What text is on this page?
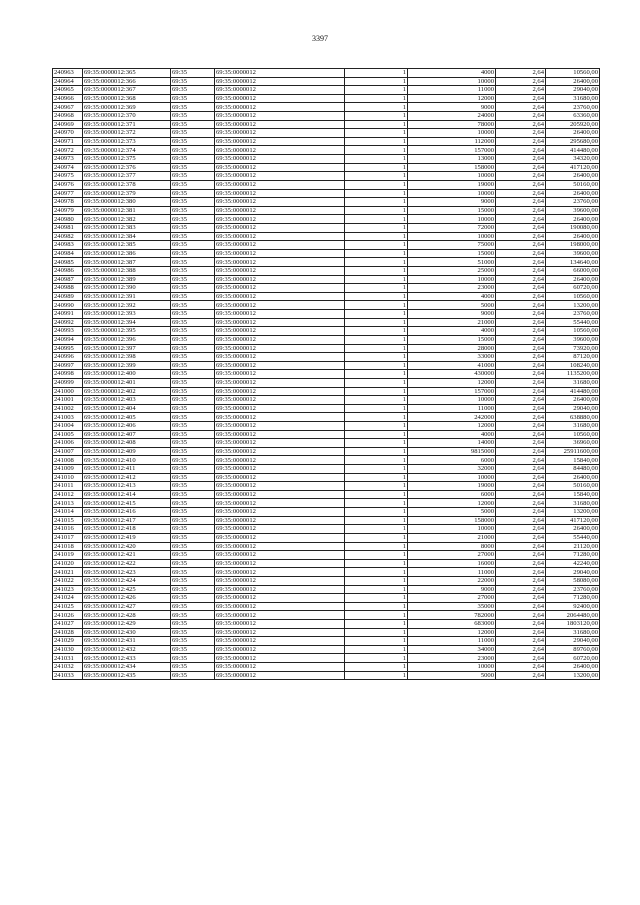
3397
240963	69:35:0000012:365	69:35	69:35:0000012	1	4000	2,64	10560,00
240964	69:35:0000012:366	69:35	69:35:0000012	1	10000	2,64	26400,00
240965	69:35:0000012:367	69:35	69:35:0000012	1	11000	2,64	29040,00
240966	69:35:0000012:368	69:35	69:35:0000012	1	12000	2,64	31680,00
240967	69:35:0000012:369	69:35	69:35:0000012	1	9000	2,64	23760,00
240968	69:35:0000012:370	69:35	69:35:0000012	1	24000	2,64	63360,00
240969	69:35:0000012:371	69:35	69:35:0000012	1	78000	2,64	205920,00
240970	69:35:0000012:372	69:35	69:35:0000012	1	10000	2,64	26400,00
240971	69:35:0000012:373	69:35	69:35:0000012	1	112000	2,64	295680,00
240972	69:35:0000012:374	69:35	69:35:0000012	1	157000	2,64	414480,00
240973	69:35:0000012:375	69:35	69:35:0000012	1	13000	2,64	34320,00
240974	69:35:0000012:376	69:35	69:35:0000012	1	158000	2,64	417120,00
240975	69:35:0000012:377	69:35	69:35:0000012	1	10000	2,64	26400,00
240976	69:35:0000012:378	69:35	69:35:0000012	1	19000	2,64	50160,00
240977	69:35:0000012:379	69:35	69:35:0000012	1	10000	2,64	26400,00
240978	69:35:0000012:380	69:35	69:35:0000012	1	9000	2,64	23760,00
240979	69:35:0000012:381	69:35	69:35:0000012	1	15000	2,64	39600,00
240980	69:35:0000012:382	69:35	69:35:0000012	1	10000	2,64	26400,00
240981	69:35:0000012:383	69:35	69:35:0000012	1	72000	2,64	190080,00
240982	69:35:0000012:384	69:35	69:35:0000012	1	10000	2,64	26400,00
240983	69:35:0000012:385	69:35	69:35:0000012	1	75000	2,64	198000,00
240984	69:35:0000012:386	69:35	69:35:0000012	1	15000	2,64	39600,00
240985	69:35:0000012:387	69:35	69:35:0000012	1	51000	2,64	134640,00
240986	69:35:0000012:388	69:35	69:35:0000012	1	25000	2,64	66000,00
240987	69:35:0000012:389	69:35	69:35:0000012	1	10000	2,64	26400,00
240988	69:35:0000012:390	69:35	69:35:0000012	1	23000	2,64	60720,00
240989	69:35:0000012:391	69:35	69:35:0000012	1	4000	2,64	10560,00
240990	69:35:0000012:392	69:35	69:35:0000012	1	5000	2,64	13200,00
240991	69:35:0000012:393	69:35	69:35:0000012	1	9000	2,64	23760,00
240992	69:35:0000012:394	69:35	69:35:0000012	1	21000	2,64	55440,00
240993	69:35:0000012:395	69:35	69:35:0000012	1	4000	2,64	10560,00
240994	69:35:0000012:396	69:35	69:35:0000012	1	15000	2,64	39600,00
240995	69:35:0000012:397	69:35	69:35:0000012	1	28000	2,64	73920,00
240996	69:35:0000012:398	69:35	69:35:0000012	1	33000	2,64	87120,00
240997	69:35:0000012:399	69:35	69:35:0000012	1	41000	2,64	108240,00
240998	69:35:0000012:400	69:35	69:35:0000012	1	430000	2,64	1135200,00
240999	69:35:0000012:401	69:35	69:35:0000012	1	12000	2,64	31680,00
241000	69:35:0000012:402	69:35	69:35:0000012	1	157000	2,64	414480,00
241001	69:35:0000012:403	69:35	69:35:0000012	1	10000	2,64	26400,00
241002	69:35:0000012:404	69:35	69:35:0000012	1	11000	2,64	29040,00
241003	69:35:0000012:405	69:35	69:35:0000012	1	242000	2,64	638880,00
241004	69:35:0000012:406	69:35	69:35:0000012	1	12000	2,64	31680,00
241005	69:35:0000012:407	69:35	69:35:0000012	1	4000	2,64	10560,00
241006	69:35:0000012:408	69:35	69:35:0000012	1	14000	2,64	36960,00
241007	69:35:0000012:409	69:35	69:35:0000012	1	9815000	2,64	25911600,00
241008	69:35:0000012:410	69:35	69:35:0000012	1	6000	2,64	15840,00
241009	69:35:0000012:411	69:35	69:35:0000012	1	32000	2,64	84480,00
241010	69:35:0000012:412	69:35	69:35:0000012	1	10000	2,64	26400,00
241011	69:35:0000012:413	69:35	69:35:0000012	1	19000	2,64	50160,00
241012	69:35:0000012:414	69:35	69:35:0000012	1	6000	2,64	15840,00
241013	69:35:0000012:415	69:35	69:35:0000012	1	12000	2,64	31680,00
241014	69:35:0000012:416	69:35	69:35:0000012	1	5000	2,64	13200,00
241015	69:35:0000012:417	69:35	69:35:0000012	1	158000	2,64	417120,00
241016	69:35:0000012:418	69:35	69:35:0000012	1	10000	2,64	26400,00
241017	69:35:0000012:419	69:35	69:35:0000012	1	21000	2,64	55440,00
241018	69:35:0000012:420	69:35	69:35:0000012	1	8000	2,64	21120,00
241019	69:35:0000012:421	69:35	69:35:0000012	1	27000	2,64	71280,00
241020	69:35:0000012:422	69:35	69:35:0000012	1	16000	2,64	42240,00
241021	69:35:0000012:423	69:35	69:35:0000012	1	11000	2,64	29040,00
241022	69:35:0000012:424	69:35	69:35:0000012	1	22000	2,64	58080,00
241023	69:35:0000012:425	69:35	69:35:0000012	1	9000	2,64	23760,00
241024	69:35:0000012:426	69:35	69:35:0000012	1	27000	2,64	71280,00
241025	69:35:0000012:427	69:35	69:35:0000012	1	35000	2,64	92400,00
241026	69:35:0000012:428	69:35	69:35:0000012	1	782000	2,64	2064480,00
241027	69:35:0000012:429	69:35	69:35:0000012	1	683000	2,64	1803120,00
241028	69:35:0000012:430	69:35	69:35:0000012	1	12000	2,64	31680,00
241029	69:35:0000012:431	69:35	69:35:0000012	1	11000	2,64	29040,00
241030	69:35:0000012:432	69:35	69:35:0000012	1	34000	2,64	89760,00
241031	69:35:0000012:433	69:35	69:35:0000012	1	23000	2,64	60720,00
241032	69:35:0000012:434	69:35	69:35:0000012	1	10000	2,64	26400,00
241033	69:35:0000012:435	69:35	69:35:0000012	1	5000	2,64	13200,00
